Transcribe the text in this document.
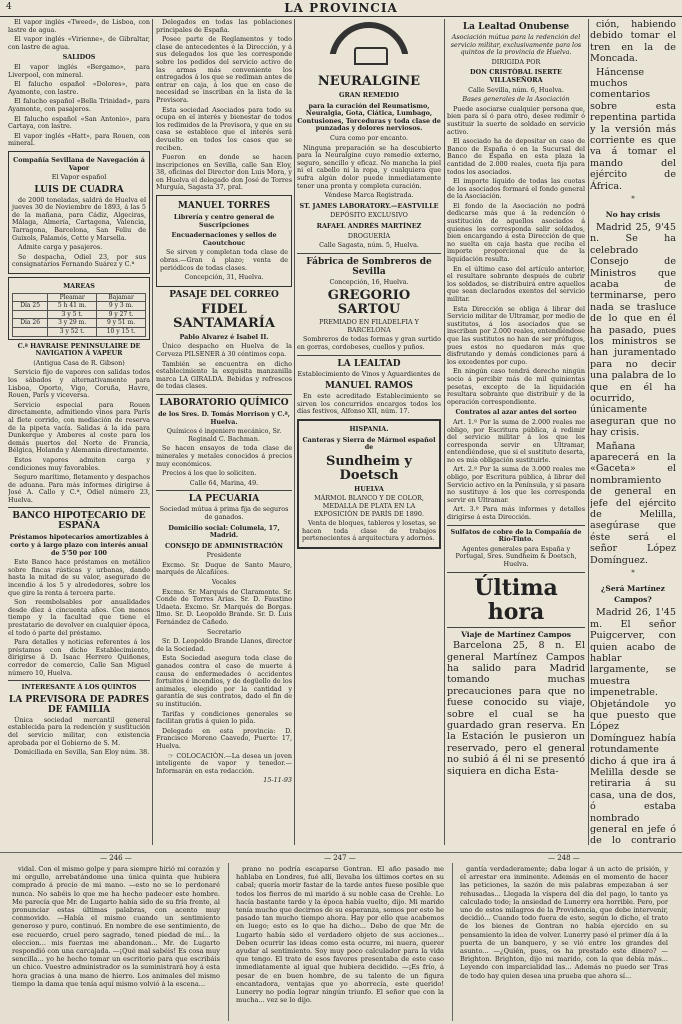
4	LA PROVINCIA

El vapor inglés «Tweed», de Lisboa, con lastre de agua.

El vapor inglés «Virienne», de Gibraltar, con lastre de agua.

SALIDOS

El vapor inglés «Bergamo», para Liverpool, con mineral.

El falucho español «Dolores», para Ayamonte, con lastre.

El falucho español «Bella Trinidad», para Ayamonte, con pasajeros.

El falucho español «San Antonio», para Cartaya, con lastre.

El vapor inglés «Hatt», para Rouen, con mineral.

Compañía Sevillana de Navegación á Vapor

El Vapor español

LUIS DE CUADRA

de 2000 toneladas, saldrá de Huelva el jueves 30 de Noviembre de 1893, á las 5 de la mañana, para Cádiz, Algeciras, Málaga, Almería, Cartagena, Valencia, Tarragona, Barcelona, San Feliu de Guixols, Palamós, Cette y Marsella.

Admite carga y pasajeros.

Se despacha, Odiel 23, por sus consignatarios Fernando Suárez y C.ª

MAREAS

	Pleamar	Bajamar
Día 25	5 h 41 m.	9 y 3 m.
	3 y 5 t.	9 y 27 t.
Día 26	3 y 29 m.	9 y 51 m.
	3 y 52 t.	10 y 15 t.

C.ª HAVRAISE PENINSULAIRE DE NAVIGATION Á VAPEUR

(Antigua Casa de R. Gibson)

Servicio fijo de vapores con salidas todos los sábados y alternativamente para Lisboa, Oporto, Vigo, Coruña, Havre, Rouen, París y viceversa.

Servicio especial para Rouen directamente, admitiendo vinos para París al flete corrido, con mediación de reserva de la pipeta vacía. Salidas á la ida para Dunkerque y Amberes al coste para los demás puertos del Norte de Francia, Bélgica, Holanda y Alemania directamente.

Estos vapores admiten carga y condiciones muy favorables.

Seguro marítimo, fletamento y despachos de aduana. Para más informes dirigirse á José A. Callo y C.ª, Odiel número 23, Huelva.

BANCO HIPOTECARIO DE ESPAÑA

Préstamos hipotecarios amortizables á corto y á largo plazo con interés anual de 5'50 por 100

Este Banco hace préstamos en metálico sobre fincas rústicas y urbanas, dando hasta la mitad de su valor, asegurado de incendio á los 5 y alrededores, sobre los que gire la renta á tercera parte.

Son reembolsables por anualidades desde diez á cincuenta años. Con menos tiempo y la facultad que tiene el prestatario de devolver en cualquier época, el todo ó parte del préstamo.

Para detalles y noticias referentes á los préstamos con dicho Establecimiento, dirigirse á D. Isaac Herrero Quiñones, corredor de comercio, Calle San Miguel número 10, Huelva.

INTERESANTE Á LOS QUINTOS

LA PREVISORA DE PADRES DE FAMILIA

Única sociedad mercantil general establecida para la redención y sustitución del servicio militar, con existencia aprobada por el Gobierno de S. M.

Domiciliada en Sevilla, San Eloy núm. 38.

Delegados en todas las poblaciones principales de España.

Posee parte de Reglamentos y todo clase de antecedentes é la Dirección, y á sus delegados los que les corresponde sobre los pedidos del servicio activo de las armas más conveniente los entregados á los que se rediman antes de entrar en caja, á los que en caso de necesidad se inscriban en la lista de la Previsora.

Esta sociedad Asociados para todo su ocupa en el interés y bienestar de todos los redimidos de la Previsora, y que en su casa se establece que el interés será devuelto en todos los casos que se reciben.

Fueron en donde se hacen inscripciones en Sevilla, calle San Eloy, 38, oficinas del Director don Luis Mora, y en Huelva el delegado don José de Torres Murguía, Sagasta 37, pral.

MANUEL TORRES

Librería y centro general de Suscripciones

Encuadernaciones y sellos de Caoutchouc

Se sirven y completan toda clase de obras.—Gran á plazo; venta de periódicos de todas clases.

Concepción, 31, Huelva.

PASAJE DEL CORREO

FIDEL SANTAMARÍA

Pablo Alvarez é Isabel II.

Único despacho en Huelva de la Cerveza PILSENER á 30 céntimos copa.

También se encuentra en dicho establecimiento la exquisita manzanilla marca LA GIRALDA. Bebidas y refrescos de todas clases.

LABORATORIO QUÍMICO

de los Sres. D. Tomás Morrison y C.ª, Huelva.

Químicos é ingeniero mecánico, Sr. Reginald C. Bachman.

Se hacen ensayos de toda clase de minerales y metales conocidos á precios muy económicos.

Precios á los que lo soliciten.

Calle 64, Marina, 49.

LA PECUARIA

Sociedad mútua á prima fija de seguros de ganados.

Domicilio social: Columela, 17, Madrid.

CONSEJO DE ADMINISTRACIÓN

Presidente

Excmo. Sr. Duque de Santo Mauro, marqués de Alcañices.

Vocales

Excmo. Sr. Marqués de Claramonte. Sr. Conde de Torres Arias. Sr. D. Faustino Udaeta. Excmo. Sr. Marqués de Borgas. Ilmo. Sr. D. Leopoldo Brande. Sr. D. Luis Fernández de Cañedo.

Secretario

Sr. D. Leopoldo Brande Llanos, director de la Sociedad.

Esta Sociedad asegura toda clase de ganados contra el caso de muerte á causa de enfermedades ó accidentes fortuitos é incendios, y de degüello de los animales, elegido por la cantidad y garantía de sus contratos, dado el fin de su institución.

Tarifas y condiciones generales se facilitan gratis á quien lo pida.

Delegado en esta provincia: D. Francisco Moreno Caavedo, Puerto: 17, Huelva.

☞ COLOCACIÓN.—La desea un joven inteligente de vapor y tenedor.—Informarán en esta redacción.

15-11-93

NEURALGINE

GRAN REMEDIO

para la curación del Reumatismo, Neuralgia, Gota, Ciática, Lumbago, Contusiones, Torceduras y toda clase de punzadas y dolores nerviosos.

Cura como por encanto.

Ninguna preparación se ha descubierto para la Neuralgine cuyo remedio externo, seguro, sencillo y eficaz. No mancha la piel ni el cabello ni la ropa, y cualquiera que sufra algún dolor puede inmediatamente tener una pronta y completa curación.

Véndese Marca Registrada.

ST. JAMES LABORATORY.—EASTVILLE

DEPÓSITO EXCLUSIVO

RAFAEL ANDRÉS MARTÍNEZ

DROGUERÍA

Calle Sagasta, núm. 5, Huelva.

Fábrica de Sombreros de Sevilla

Concepción, 16, Huelva.

GREGORIO SARTOU

PREMIADO EN FILADELFIA Y BARCELONA

Sombreros de todas formas y gran surtido en gorras, cordobeses, cuellos y puños.

LA LEALTAD

Establecimiento de Vinos y Aguardientes de

MANUEL RAMOS

En este acreditado Establecimiento se sirven los concurridos encargos todos los días festivos, Alfonso XII, núm. 17.

HISPANIA.

Canteras y Sierra de Mármol español de

Sundheim y Doetsch

HUELVA

MÁRMOL BLANCO Y DE COLOR, MEDALLA DE PLATA EN LA EXPOSICIÓN DE PARÍS DE 1890.

Venta de bloques, tableros y losetas, se hacen toda clase de trabajos pertenecientes á arquitectura y adornos.

La Lealtad Onubense

Asociación mútua para la redención del servicio militar, exclusivamente para los quintos de la provincia de Huelva.

DIRIGIDA POR

DON CRISTÓBAL ISERTE VILLASEÑORA

Calle Sevilla, núm. 6, Huelva.

Bases generales de la Asociación

Puede asociarse cualquier persona que, bien para sí ó para otro, desee redimir ó sustituir la suerte de soldado en servicio activo.

El asociado ha de depositar en caso de Banco de España ó en la Sucursal del Banco de España en esta plaza la cantidad de 2.000 reales, cuota fija para todos los asociados.

El importe líquido de todas las cuotas de los asociados formará el fondo general de la Asociación.

El fondo de la Asociación no podrá dedicarse más que á la redención ó sustitución de aquellos asociados á quienes les corresponda salir soldados, bien encargando á esta Dirección de que no suelta en caja hasta que reciba el importe proporcional que de la liquidación resulta.

En el último caso del artículo anterior, el resultare sobrante después de cubrir los soldados, se distribuirá entre aquellos que sean declarados exentos del servicio militar.

Esta Dirección se obliga á librar del Servicio militar de Ultramar, por medio de sustitutos, á los asociados que se inscriban por 2.000 reales, entendiéndose que las sustitutos no han de ser prófugos, pues estos no quedaron más que disfrutando y demás condiciones para á los excedentes por cupo.

En ningún caso tendrá derecho ningún socio á percibir más de mil quinientas pesetas, excepto de la liquidación resultara sobrante que distribuir y de la operación correspondiente.

Contratos al azar antes del sorteo

Art. 1.º Por la suma de 2.000 reales me obligo, por Escritura pública, á redimir del servicio militar á los que les corresponda servir en Ultramar, entendiéndose, que si el sustituto deserta, no es mía obligación sustituirle.

Art. 2.º Por la suma de 3.000 reales me obligo, por Escritura pública, á librar del Servicio activo en la Península, y si pasara no sustituye á los que les corresponda servir en Ultramar.

Art. 3.º Para más informes y detalles dirigirse á esta Dirección.

Sulfatos de cobre de la Compañía de Río-Tinto.

Agentes generales para España y Portugal, Sres. Sundheim & Doetsch, Huelva.

Última hora

Viaje de Martínez Campos

Barcelona 25, 8 n. El general Martínez Campos ha salido para Madrid tomando muchas precauciones para que no fuese conocido su viaje, sobre el cual se ha guardado gran reserva. En la Estación le pusieron un reservado, pero el general no subió á él ni se presentó siquiera en dicha Esta-

ción, habiendo debido tomar el tren en la de Moncada.

Háncense muchos comentarios sobre esta repentina partida y la versión más corriente es que va á tomar el mando del ejército de África.

*

No hay crisis

Madrid 25, 9'45 n. Se ha celebrado Consejo de Ministros que acaba de terminarse, pero nada se trasluce de lo que en él ha pasado, pues los ministros se han juramentado para no decir una palabra de lo que en él ha ocurrido, únicamente aseguran que no hay crisis.

Mañana aparecerá en la «Gaceta» el nombramiento de general en jefe del ejército de Melilla, asegúrase que éste será el señor López Domínguez.

*

¿Será Martínez Campos?

Madrid 26, 1'45 m. El señor Puigcerver, con quien acabo de hablar largamente, se muestra impenetrable. Objetándole yo que puesto que López Domínguez había rotundamente dicho á que ira á Melilla desde se retiraria á su casa, una de dos, ó estaba nombrado general en jefe ó de lo contrario

— 246 —	— 247 —	— 248 —

vidal. Con el mismo golpe y para siempre hirió mi corazón y mi orgullo, arrebatándome una única quinta que hubiera comprado á precio de mi mano. —esto no se lo perdonaré nunca. No sabéis lo que me ha hecho padecer este hombre. Me parecía que Mr. de Lugarto había sido de su fría frente, al pronunciar estas últimas palabras, con acento muy conmovido. —Había el mismo cuando un sentimiento generoso y puro, continuó. En nombre de ese sentimiento, de ese recuerdo, cruel pero sagrado, tened piedad de mí... la eleccion... mis fuerzas me abandonan... Mr. de Lugarto respondió con una carcajada. —¡Qué mal sabéis! Es cosa muy sencilla... yo he hecho tomar un escritorio para que escribáis un chico. Vuestro administrador os la suministrará hoy á esta hora gracias á una mano de hierro. Los animales del mismo tiempo la dama que tenía aquí mismo volvió á la escena...

prano no podría escaparse Gontran. El año pasado me hablaba en Londres, fué allí, llevaba los últimos cortes en su cabal; quería morir fastar de la tarde antes fuese posible que todos los fierros de mi marido á su noble casa de Crehle. Lo hacía bastante tarde y la época había vuelto, dijo. Mi marido tenía mucho que decirnos de su esperanza, somos por esto he pasado tan mucho tiempo ahora. Hay por ello que acabemos en luego; esto es lo que ha dicho... Debo de que Mr. de Lugarto había sido el verdadero objeto de sus acciones... Deben ocurrir las ideas como esta ocurre, mi nuera, querer ayudar al sentimiento. Soy muy poco calculador para la vida que tengo. El trato de esos favores presentaba de este caso inmediatamente al igual que hubiera decidido. —¡Es frío, á pesar de en buen hombre, de su talento de un figura encantadora, ventajas que yo aborrecía, este querido! Lunerry no podía lograr ningún triunfo. El señor que con la mucha... vez se lo dijo.

gantía verdaderamente; daba logar á un acto de prisión, y el arrestar era inminente. Además en el momento de hacer las peticiones, la sazón de mis palabras empezaban á ser rehusadas... Llegada la víspera del día del pago, lo tanto ya calculado todo; la ansiedad de Lunerry era horrible. Pero, por uno de estos milagros de la Providencia, que debe intervenir, decidió... Cuando todo fuera de esto, según lo dicho, el trato de los bienes de Gontran no había ejercido en su pensamiento la idea de volver. Lunerry pasó el primer día á la puerta de un banquero, y se vió entre los grandes del asunto... —¿Quién, pues, os ha prestado este dinero? —Brighton. Brighton, dijo mi marido, con la que debía más... Leyendo con imparcialidad las... Además no puedo ser Tras de todo hay quien desea una prueba que ahora sí...
